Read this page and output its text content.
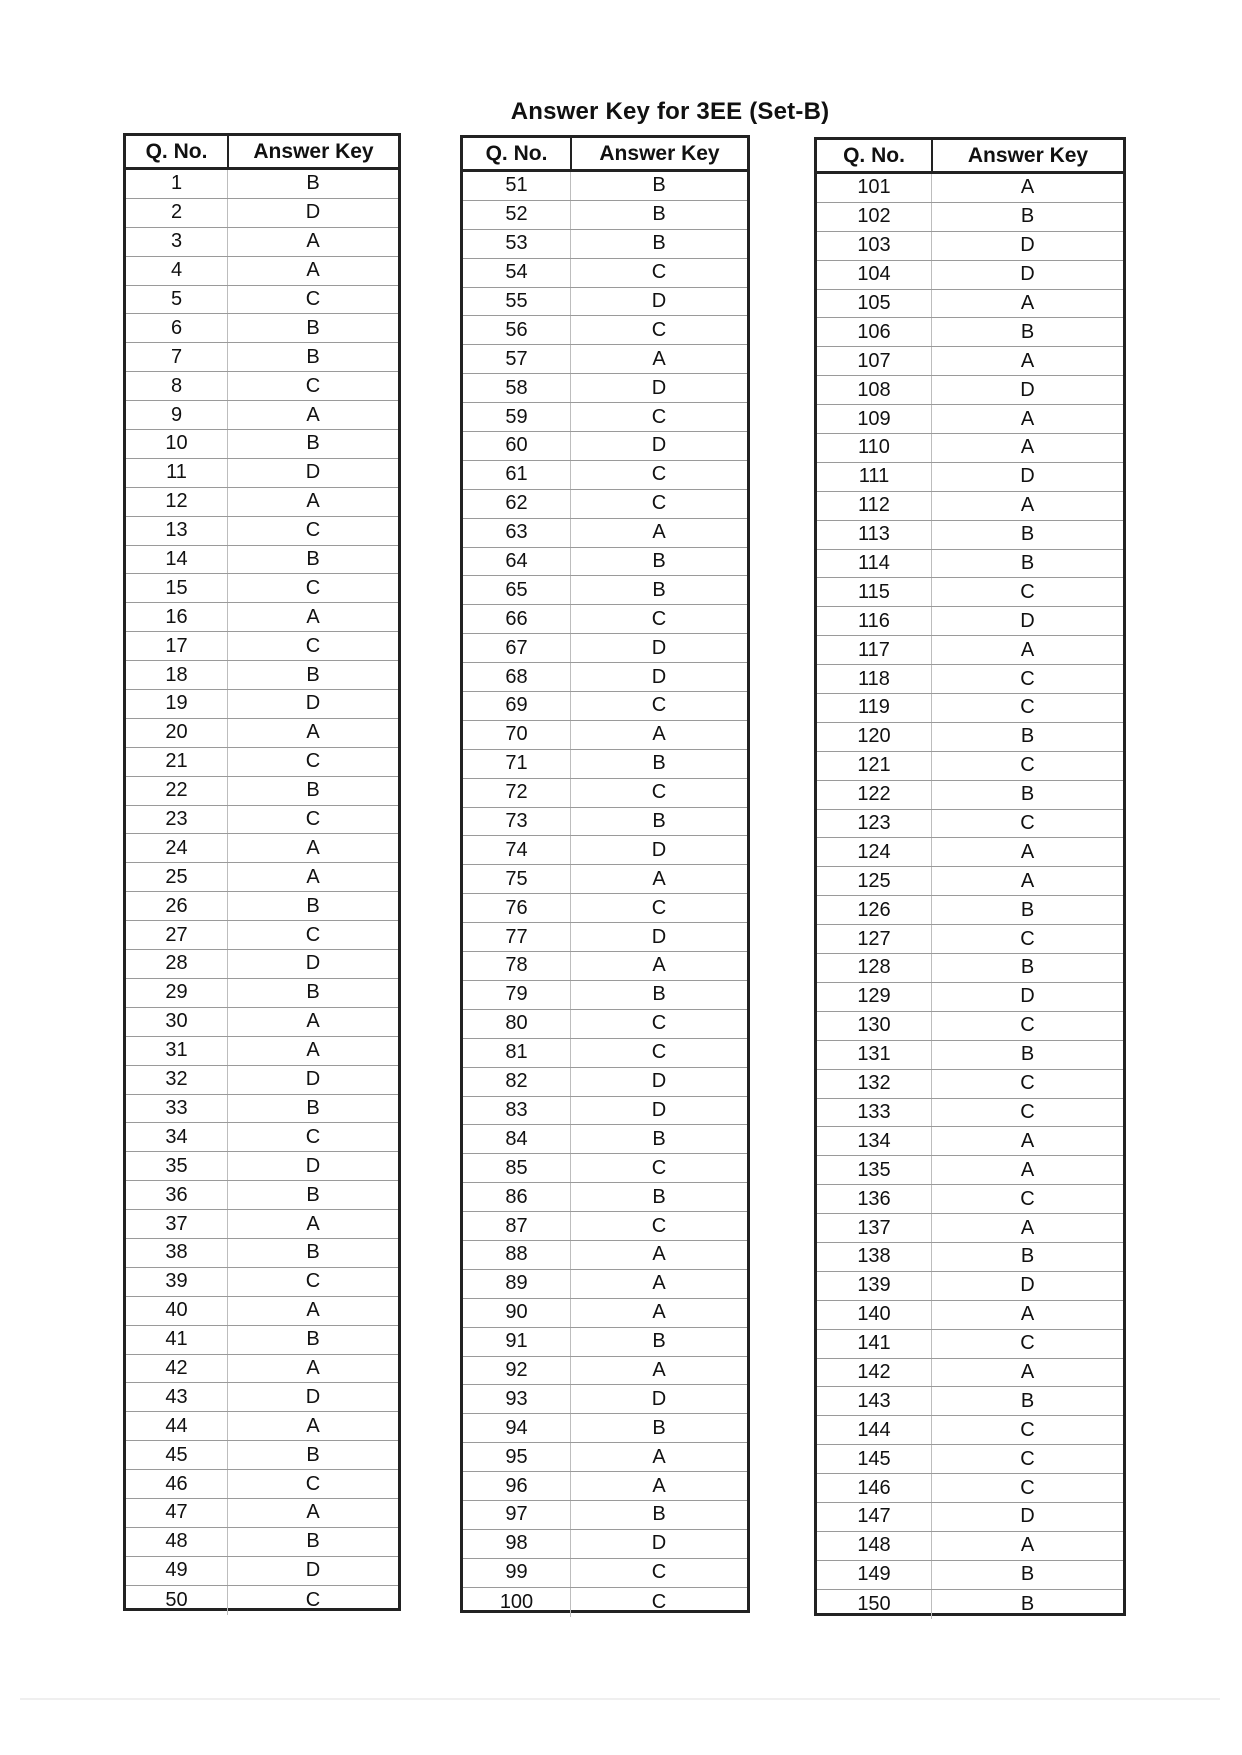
Answer Key for 3EE (Set-B)
Q. No.	Answer Key
1	B
2	D
3	A
4	A
5	C
6	B
7	B
8	C
9	A
10	B
11	D
12	A
13	C
14	B
15	C
16	A
17	C
18	B
19	D
20	A
21	C
22	B
23	C
24	A
25	A
26	B
27	C
28	D
29	B
30	A
31	A
32	D
33	B
34	C
35	D
36	B
37	A
38	B
39	C
40	A
41	B
42	A
43	D
44	A
45	B
46	C
47	A
48	B
49	D
50	C
Q. No.	Answer Key
51	B
52	B
53	B
54	C
55	D
56	C
57	A
58	D
59	C
60	D
61	C
62	C
63	A
64	B
65	B
66	C
67	D
68	D
69	C
70	A
71	B
72	C
73	B
74	D
75	A
76	C
77	D
78	A
79	B
80	C
81	C
82	D
83	D
84	B
85	C
86	B
87	C
88	A
89	A
90	A
91	B
92	A
93	D
94	B
95	A
96	A
97	B
98	D
99	C
100	C
Q. No.	Answer Key
101	A
102	B
103	D
104	D
105	A
106	B
107	A
108	D
109	A
110	A
111	D
112	A
113	B
114	B
115	C
116	D
117	A
118	C
119	C
120	B
121	C
122	B
123	C
124	A
125	A
126	B
127	C
128	B
129	D
130	C
131	B
132	C
133	C
134	A
135	A
136	C
137	A
138	B
139	D
140	A
141	C
142	A
143	B
144	C
145	C
146	C
147	D
148	A
149	B
150	B
